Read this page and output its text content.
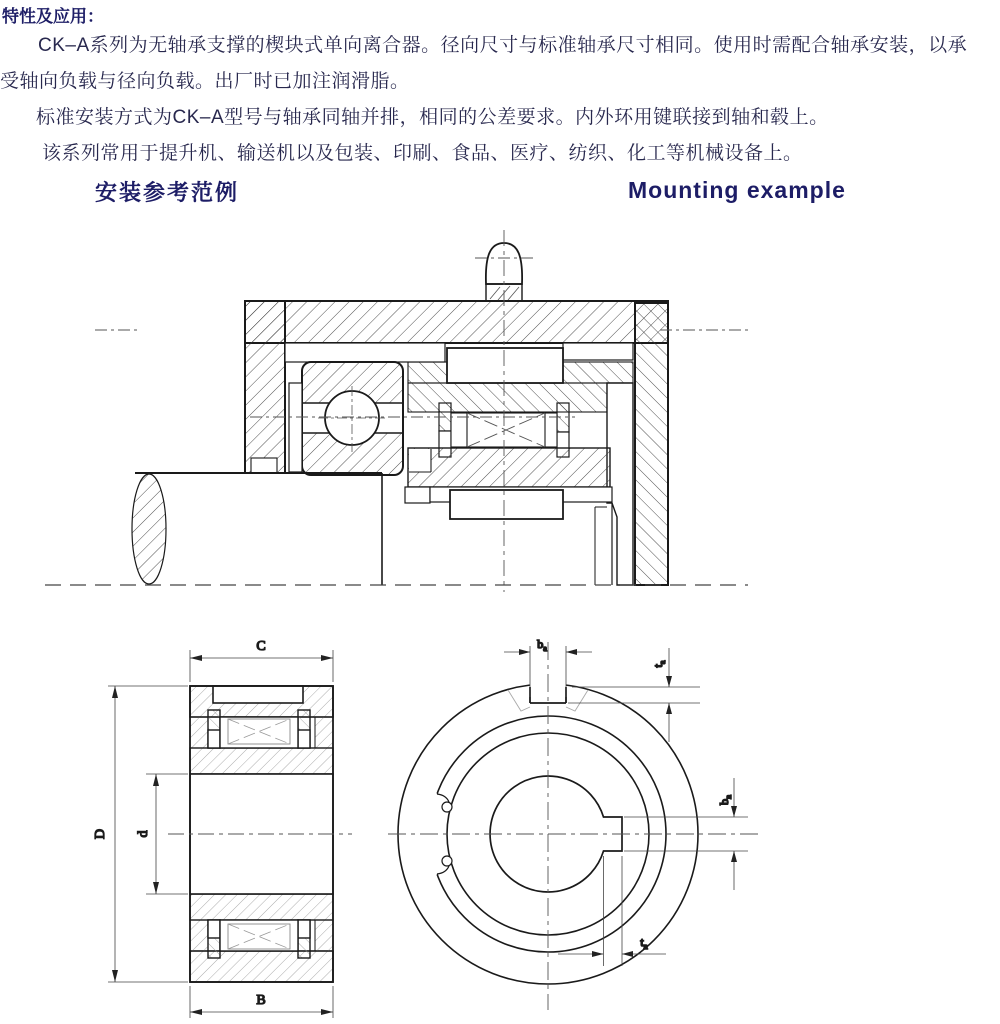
特性及应用：
CK–A系列为无轴承支撑的楔块式单向离合器。径向尺寸与标准轴承尺寸相同。使用时需配合轴承安装，以承
受轴向负载与径向负载。出厂时已加注润滑脂。
标准安装方式为CK–A型号与轴承同轴并排，相同的公差要求。内外环用键联接到轴和毂上。
该系列常用于提升机、输送机以及包装、印刷、食品、医疗、纺织、化工等机械设备上。
安装参考范例	Mounting example
C
D d
B
$b_a$
$t_a$
$b_n$
$t_n$
